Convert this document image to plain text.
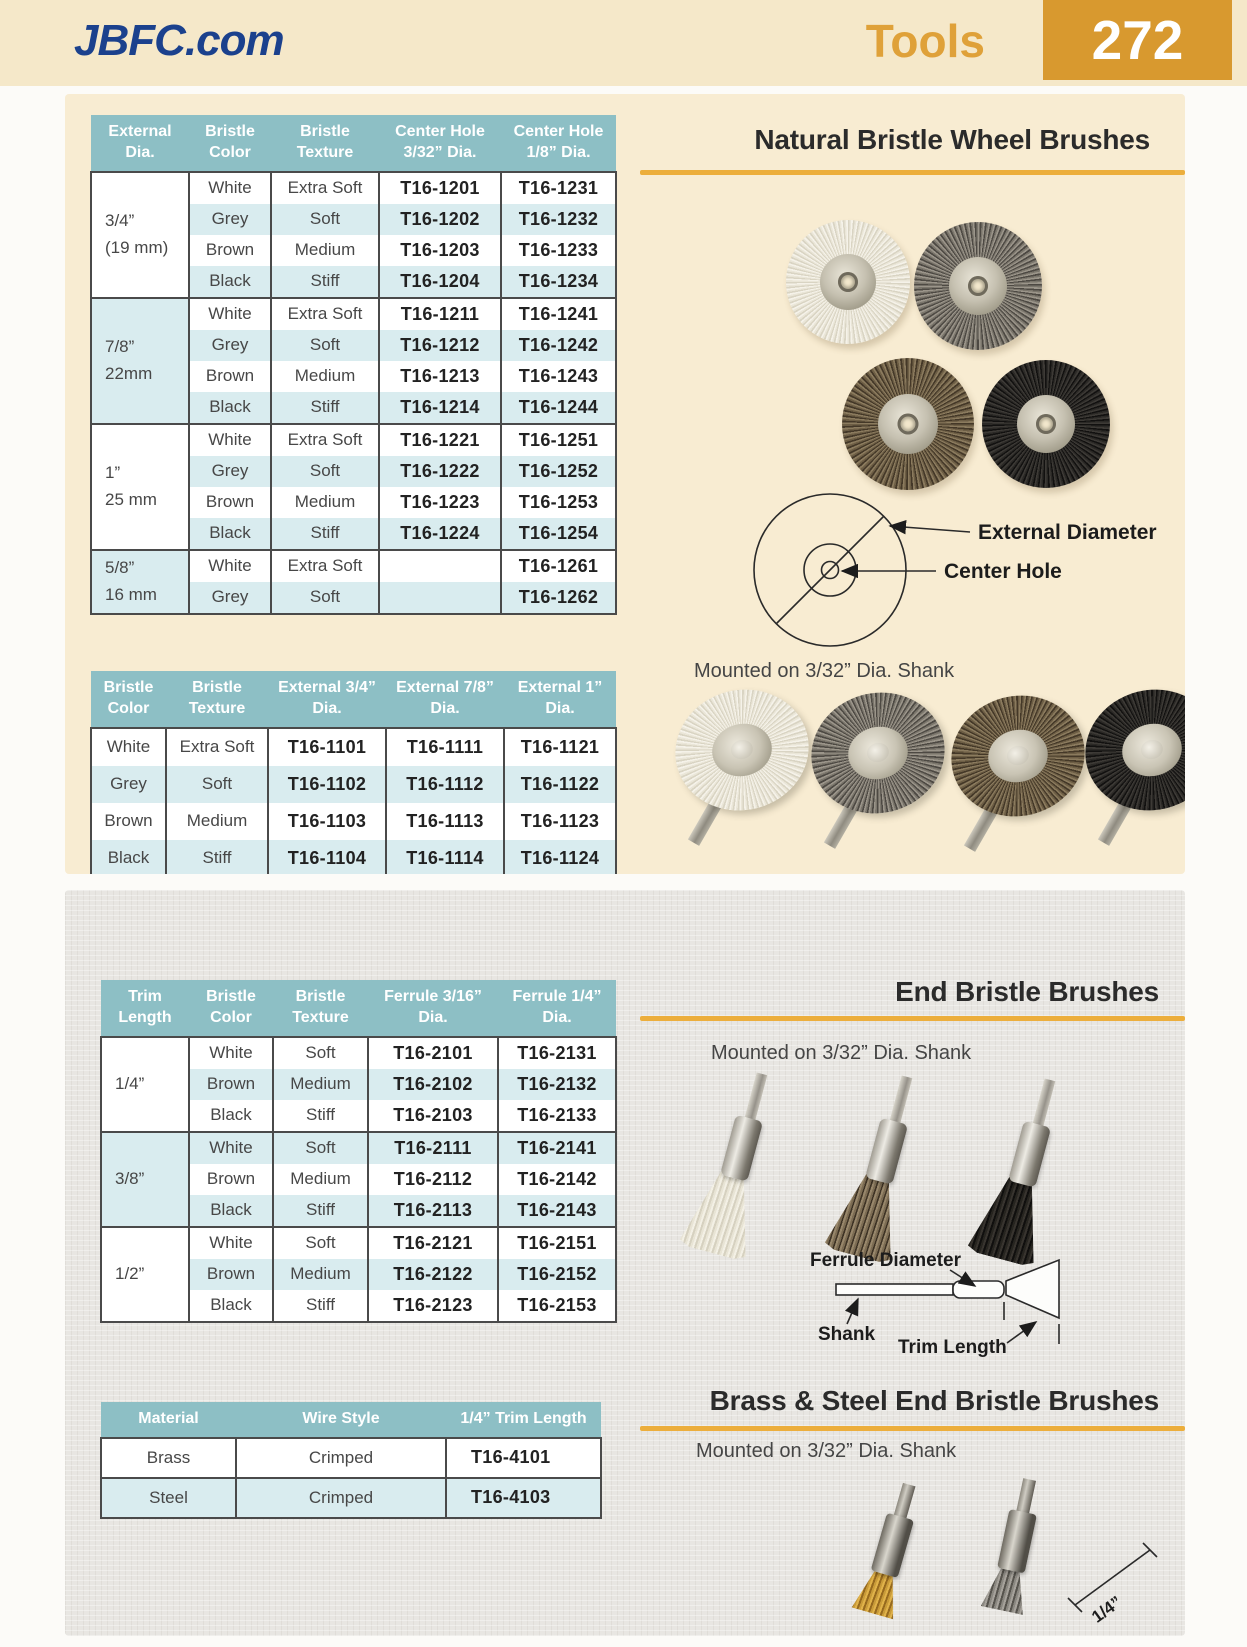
JBFC.com	Tools	272
External Dia.	Bristle Color	Bristle Texture	Center Hole 3/32” Dia.	Center Hole 1/8” Dia.

3/4”
(19 mm)	White	Extra Soft	T16-1201	T16-1231
	Grey	Soft	T16-1202	T16-1232
	Brown	Medium	T16-1203	T16-1233
	Black	Stiff	T16-1204	T16-1234

7/8”
22mm	White	Extra Soft	T16-1211	T16-1241
	Grey	Soft	T16-1212	T16-1242
	Brown	Medium	T16-1213	T16-1243
	Black	Stiff	T16-1214	T16-1244

1”
25 mm	White	Extra Soft	T16-1221	T16-1251
	Grey	Soft	T16-1222	T16-1252
	Brown	Medium	T16-1223	T16-1253
	Black	Stiff	T16-1224	T16-1254

5/8”
16 mm	White	Extra Soft		T16-1261
	Grey	Soft		T16-1262
Bristle Color	Bristle Texture	External 3/4” Dia.	External 7/8” Dia.	External 1” Dia.
White	Extra Soft	T16-1101	T16-1111	T16-1121
Grey	Soft	T16-1102	T16-1112	T16-1122
Brown	Medium	T16-1103	T16-1113	T16-1123
Black	Stiff	T16-1104	T16-1114	T16-1124
Natural Bristle Wheel Brushes
External Diameter
Center Hole
Mounted on 3/32” Dia. Shank
Trim Length	Bristle Color	Bristle Texture	Ferrule 3/16” Dia.	Ferrule 1/4” Dia.

1/4”	White	Soft	T16-2101	T16-2131
	Brown	Medium	T16-2102	T16-2132
	Black	Stiff	T16-2103	T16-2133

3/8”	White	Soft	T16-2111	T16-2141
	Brown	Medium	T16-2112	T16-2142
	Black	Stiff	T16-2113	T16-2143

1/2”	White	Soft	T16-2121	T16-2151
	Brown	Medium	T16-2122	T16-2152
	Black	Stiff	T16-2123	T16-2153
Material	Wire Style	1/4” Trim Length
Brass	Crimped	T16-4101
Steel	Crimped	T16-4103
End Bristle Brushes
Mounted on 3/32” Dia. Shank
Ferrule Diameter
Shank
Trim Length
Brass & Steel End Bristle Brushes
Mounted on 3/32” Dia. Shank
1/4”
